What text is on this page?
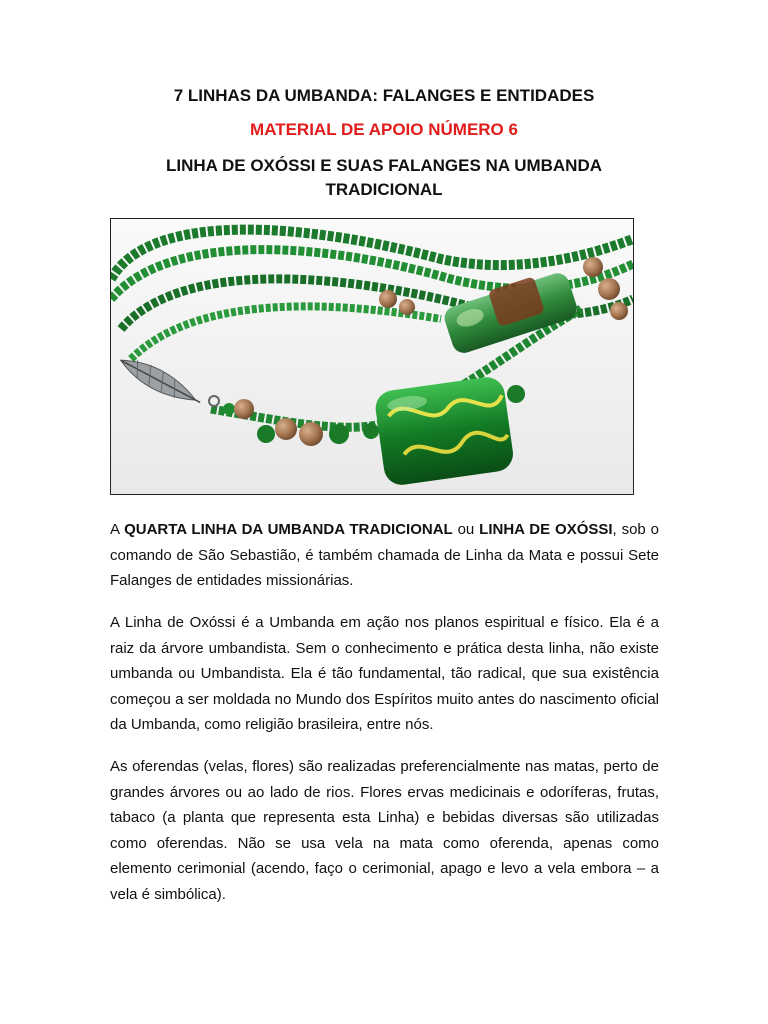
7 LINHAS DA UMBANDA: FALANGES E ENTIDADES
MATERIAL DE APOIO NÚMERO 6
LINHA DE OXÓSSI E SUAS FALANGES NA UMBANDA TRADICIONAL

A QUARTA LINHA DA UMBANDA TRADICIONAL ou LINHA DE OXÓSSI, sob o comando de São Sebastião, é também chamada de Linha da Mata e possui Sete Falanges de entidades missionárias.

A Linha de Oxóssi é a Umbanda em ação nos planos espiritual e físico. Ela é a raiz da árvore umbandista. Sem o conhecimento e prática desta linha, não existe umbanda ou Umbandista. Ela é tão fundamental, tão radical, que sua existência começou a ser moldada no Mundo dos Espíritos muito antes do nascimento oficial da Umbanda, como religião brasileira, entre nós.

As oferendas (velas, flores) são realizadas preferencialmente nas matas, perto de grandes árvores ou ao lado de rios. Flores ervas medicinais e odoríferas, frutas, tabaco (a planta que representa esta Linha) e bebidas diversas são utilizadas como oferendas. Não se usa vela na mata como oferenda, apenas como elemento cerimonial (acendo, faço o cerimonial, apago e levo a vela embora – a vela é simbólica).
